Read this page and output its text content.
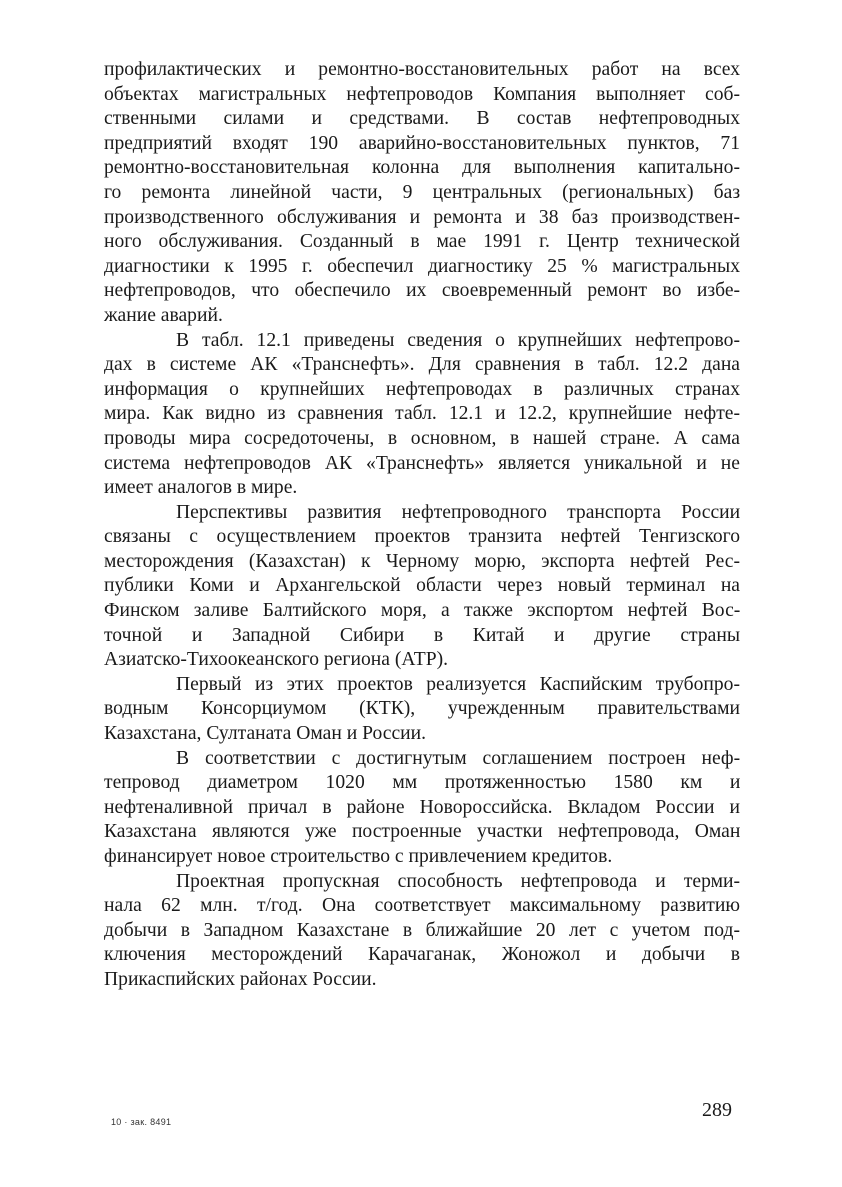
профилактических и ремонтно-восстановительных работ на всех
объектах магистральных нефтепроводов Компания выполняет соб-
ственными силами и средствами. В состав нефтепроводных
предприятий входят 190 аварийно-восстановительных пунктов, 71
ремонтно-восстановительная колонна для выполнения капитально-
го ремонта линейной части, 9 центральных (региональных) баз
производственного обслуживания и ремонта и 38 баз производствен-
ного обслуживания. Созданный в мае 1991 г. Центр технической
диагностики к 1995 г. обеспечил диагностику 25 % магистральных
нефтепроводов, что обеспечило их своевременный ремонт во избе-
жание аварий.

В табл. 12.1 приведены сведения о крупнейших нефтепрово-
дах в системе АК «Транснефть». Для сравнения в табл. 12.2 дана
информация о крупнейших нефтепроводах в различных странах
мира. Как видно из сравнения табл. 12.1 и 12.2, крупнейшие нефте-
проводы мира сосредоточены, в основном, в нашей стране. А сама
система нефтепроводов АК «Транснефть» является уникальной и не
имеет аналогов в мире.

Перспективы развития нефтепроводного транспорта России
связаны с осуществлением проектов транзита нефтей Тенгизского
месторождения (Казахстан) к Черному морю, экспорта нефтей Рес-
публики Коми и Архангельской области через новый терминал на
Финском заливе Балтийского моря, а также экспортом нефтей Вос-
точной и Западной Сибири в Китай и другие страны
Азиатско-Тихоокеанского региона (АТР).

Первый из этих проектов реализуется Каспийским трубопро-
водным Консорциумом (КТК), учрежденным правительствами
Казахстана, Султаната Оман и России.

В соответствии с достигнутым соглашением построен неф-
тепровод диаметром 1020 мм протяженностью 1580 км и
нефтеналивной причал в районе Новороссийска. Вкладом России и
Казахстана являются уже построенные участки нефтепровода, Оман
финансирует новое строительство с привлечением кредитов.

Проектная пропускная способность нефтепровода и терми-
нала 62 млн. т/год. Она соответствует максимальному развитию
добычи в Западном Казахстане в ближайшие 20 лет с учетом под-
ключения месторождений Карачаганак, Жоножол и добычи в
Прикаспийских районах России.

10 · зак. 8491
289
